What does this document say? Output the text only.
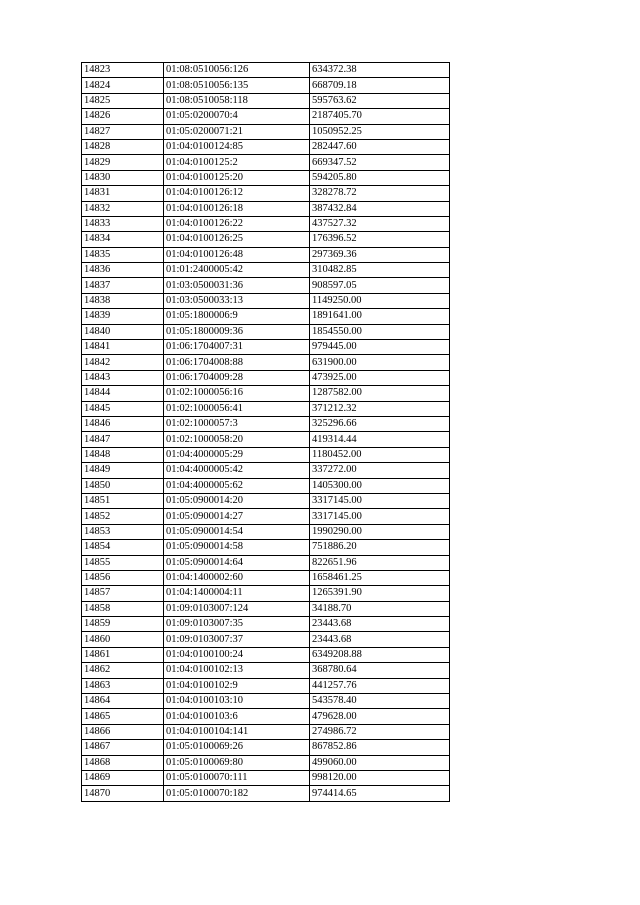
14823	01:08:0510056:126	634372.38
14824	01:08:0510056:135	668709.18
14825	01:08:0510058:118	595763.62
14826	01:05:0200070:4	2187405.70
14827	01:05:0200071:21	1050952.25
14828	01:04:0100124:85	282447.60
14829	01:04:0100125:2	669347.52
14830	01:04:0100125:20	594205.80
14831	01:04:0100126:12	328278.72
14832	01:04:0100126:18	387432.84
14833	01:04:0100126:22	437527.32
14834	01:04:0100126:25	176396.52
14835	01:04:0100126:48	297369.36
14836	01:01:2400005:42	310482.85
14837	01:03:0500031:36	908597.05
14838	01:03:0500033:13	1149250.00
14839	01:05:1800006:9	1891641.00
14840	01:05:1800009:36	1854550.00
14841	01:06:1704007:31	979445.00
14842	01:06:1704008:88	631900.00
14843	01:06:1704009:28	473925.00
14844	01:02:1000056:16	1287582.00
14845	01:02:1000056:41	371212.32
14846	01:02:1000057:3	325296.66
14847	01:02:1000058:20	419314.44
14848	01:04:4000005:29	1180452.00
14849	01:04:4000005:42	337272.00
14850	01:04:4000005:62	1405300.00
14851	01:05:0900014:20	3317145.00
14852	01:05:0900014:27	3317145.00
14853	01:05:0900014:54	1990290.00
14854	01:05:0900014:58	751886.20
14855	01:05:0900014:64	822651.96
14856	01:04:1400002:60	1658461.25
14857	01:04:1400004:11	1265391.90
14858	01:09:0103007:124	34188.70
14859	01:09:0103007:35	23443.68
14860	01:09:0103007:37	23443.68
14861	01:04:0100100:24	6349208.88
14862	01:04:0100102:13	368780.64
14863	01:04:0100102:9	441257.76
14864	01:04:0100103:10	543578.40
14865	01:04:0100103:6	479628.00
14866	01:04:0100104:141	274986.72
14867	01:05:0100069:26	867852.86
14868	01:05:0100069:80	499060.00
14869	01:05:0100070:111	998120.00
14870	01:05:0100070:182	974414.65
